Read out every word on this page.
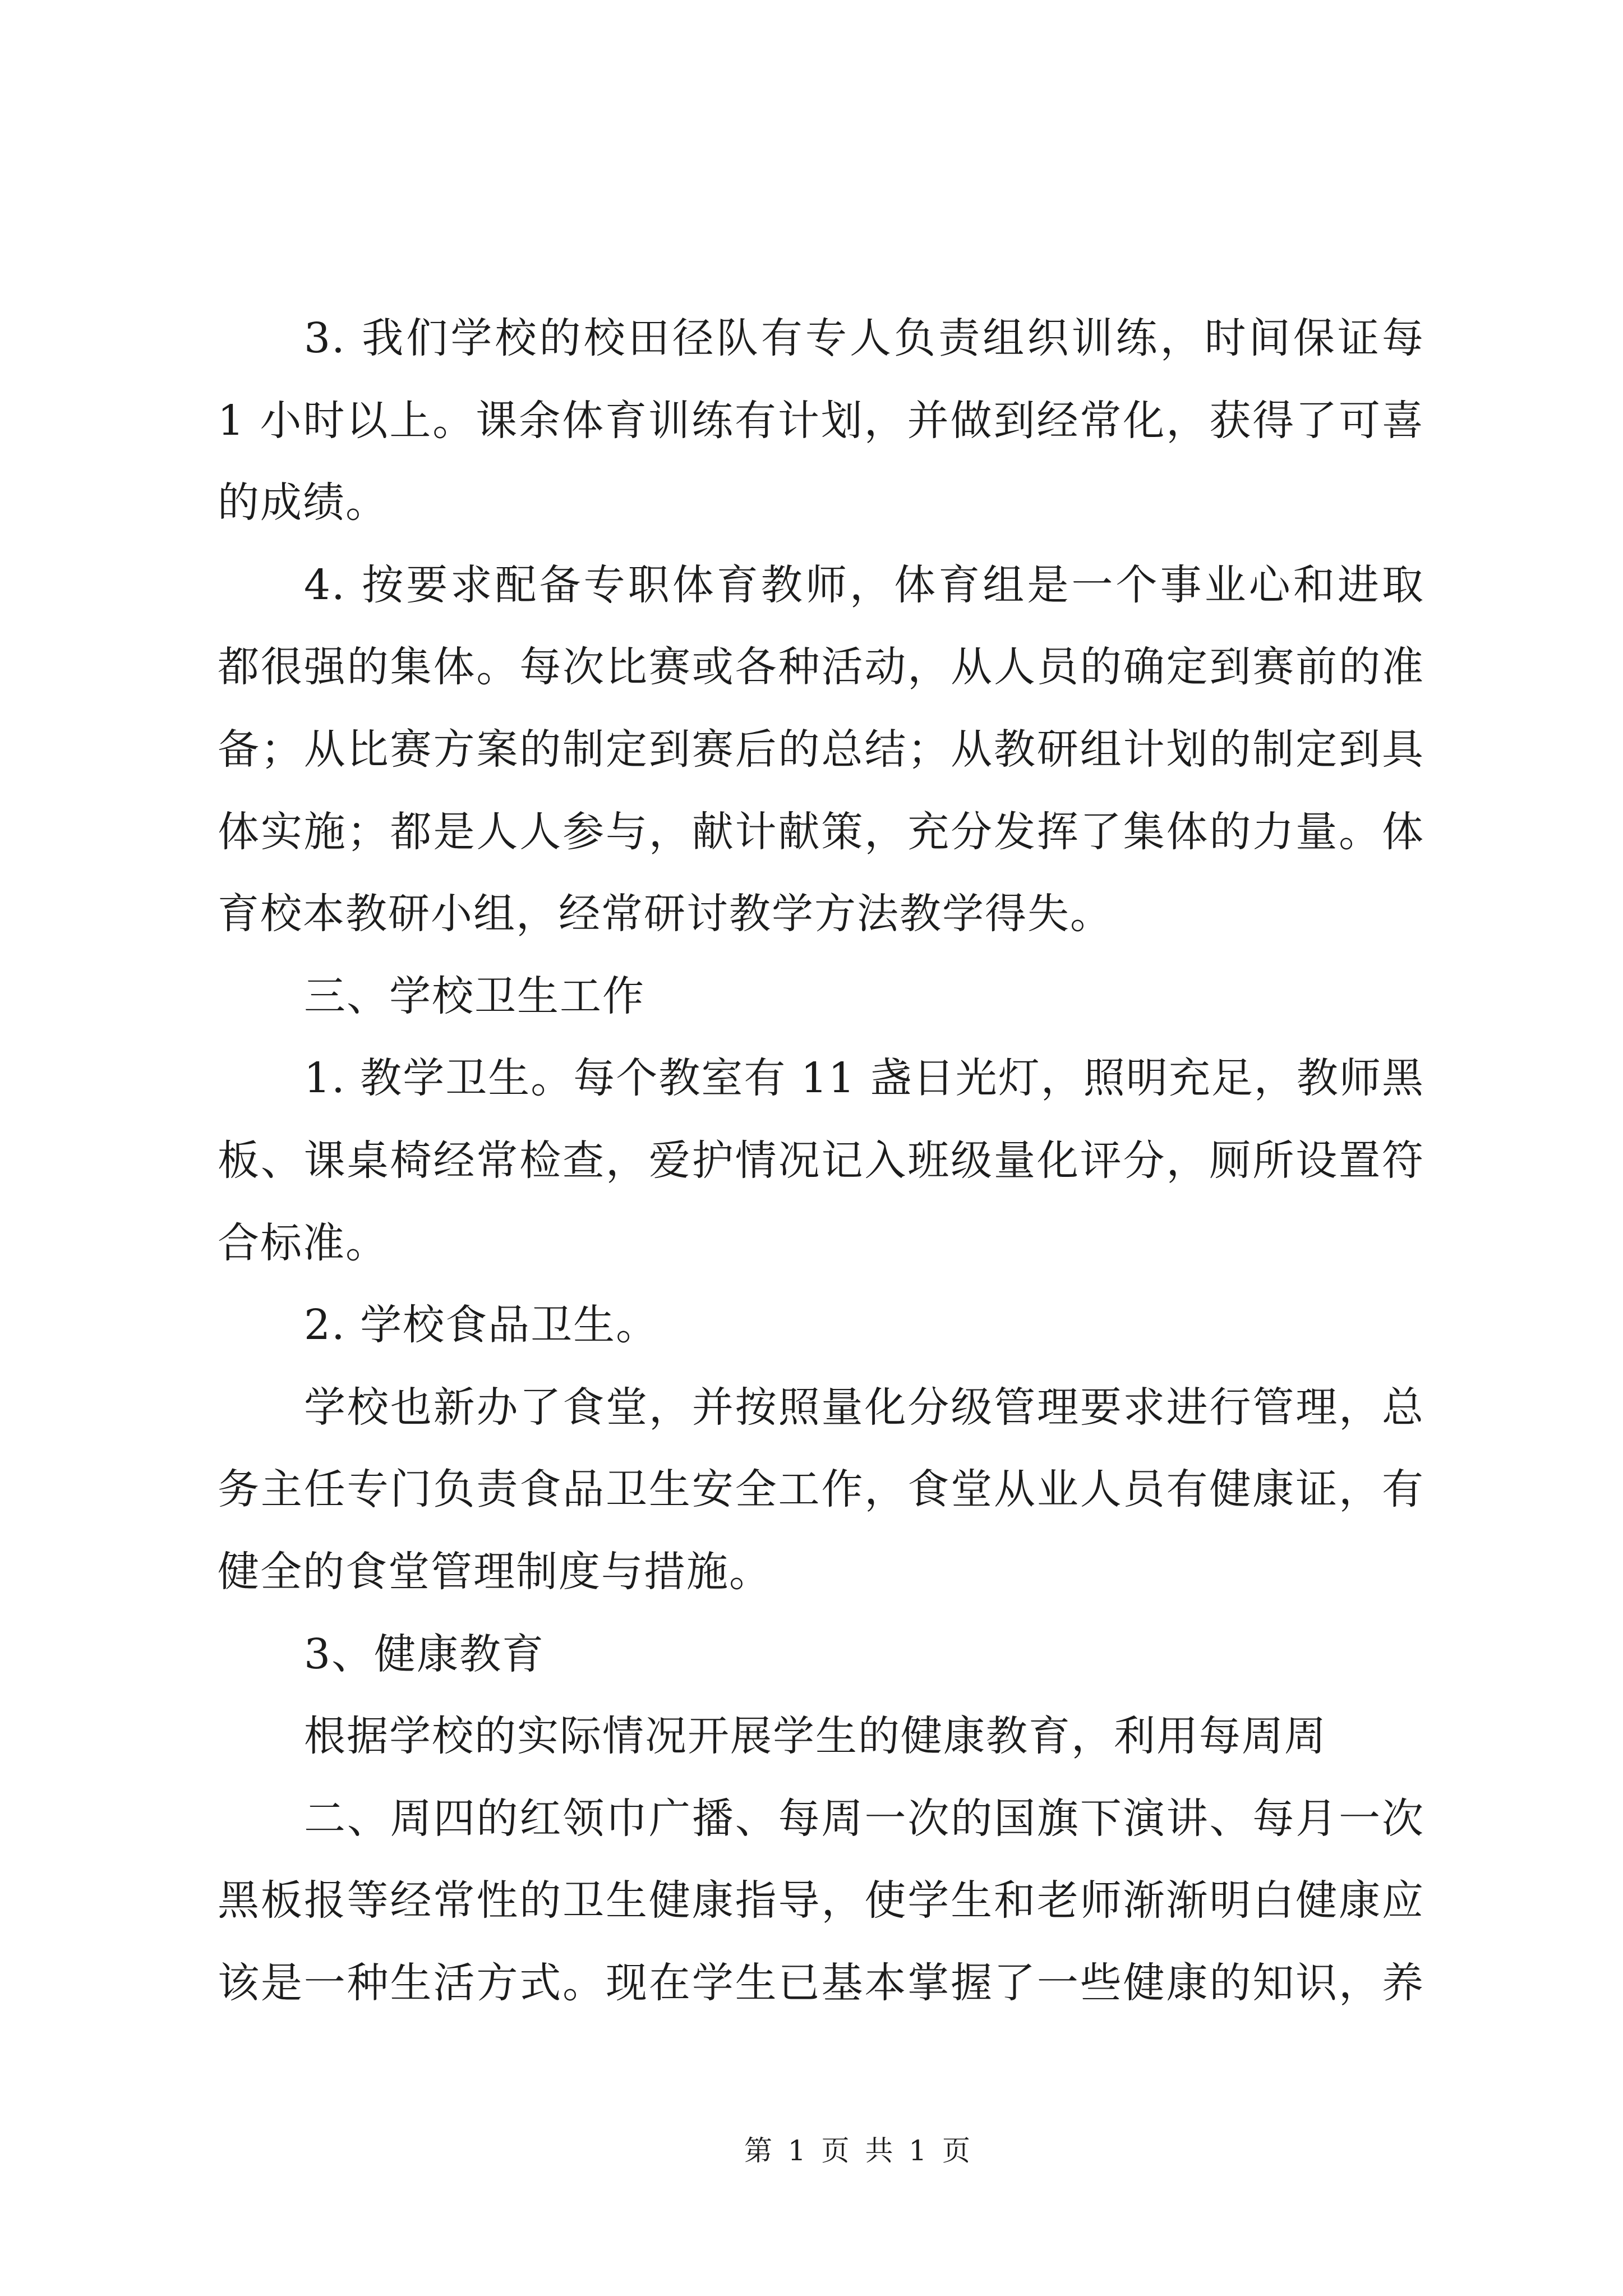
3. 我们学校的校田径队有专人负责组织训练，时间保证每
1 小时以上。课余体育训练有计划，并做到经常化，获得了可喜
的成绩。
4. 按要求配备专职体育教师，体育组是一个事业心和进取
都很强的集体。每次比赛或各种活动，从人员的确定到赛前的准
备；从比赛方案的制定到赛后的总结；从教研组计划的制定到具
体实施；都是人人参与，献计献策，充分发挥了集体的力量。体
育校本教研小组，经常研讨教学方法教学得失。
三、学校卫生工作
1. 教学卫生。每个教室有 11 盏日光灯，照明充足，教师黑
板、课桌椅经常检查，爱护情况记入班级量化评分，厕所设置符
合标准。
2. 学校食品卫生。
学校也新办了食堂，并按照量化分级管理要求进行管理，总
务主任专门负责食品卫生安全工作，食堂从业人员有健康证，有
健全的食堂管理制度与措施。
3、健康教育
根据学校的实际情况开展学生的健康教育，利用每周周
二、周四的红领巾广播、每周一次的国旗下演讲、每月一次
黑板报等经常性的卫生健康指导，使学生和老师渐渐明白健康应
该是一种生活方式。现在学生已基本掌握了一些健康的知识，养
第 1 页 共 1 页
